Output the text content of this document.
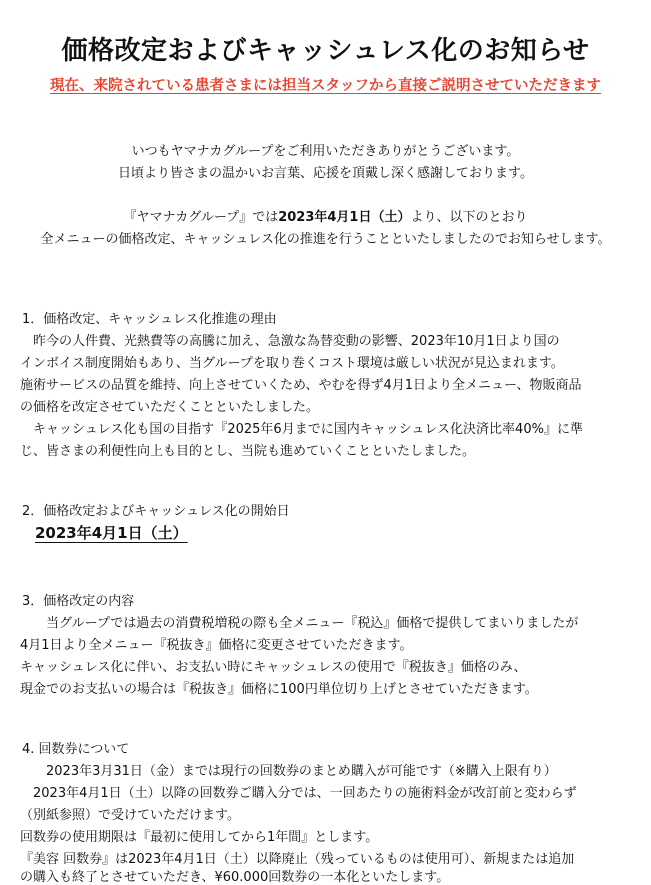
価格改定およびキャッシュレス化のお知らせ
現在、来院されている患者さまには担当スタッフから直接ご説明させていただきます
いつもヤマナカグループをご利用いただきありがとうございます。
日頃より皆さまの温かいお言葉、応援を頂戴し深く感謝しております。
『ヤマナカグループ』では2023年4月1日（土）より、以下のとおり
全メニューの価格改定、キャッシュレス化の推進を行うことといたしましたのでお知らせします。
1．価格改定、キャッシュレス化推進の理由
　昨今の人件費、光熱費等の高騰に加え、急激な為替変動の影響、2023年10月1日より国の
インボイス制度開始もあり、当グループを取り巻くコスト環境は厳しい状況が見込まれます。
施術サービスの品質を維持、向上させていくため、やむを得ず4月1日より全メニュー、物販商品
の価格を改定させていただくことといたしました。
　キャッシュレス化も国の目指す『2025年6月までに国内キャッシュレス化決済比率40%』に準
じ、皆さまの利便性向上も目的とし、当院も進めていくことといたしました。
2．価格改定およびキャッシュレス化の開始日
2023年4月1日（土）
3．価格改定の内容
　　当グループでは過去の消費税増税の際も全メニュー『税込』価格で提供してまいりましたが
4月1日より全メニュー『税抜き』価格に変更させていただきます。
キャッシュレス化に伴い、お支払い時にキャッシュレスの使用で『税抜き』価格のみ、
現金でのお支払いの場合は『税抜き』価格に100円単位切り上げとさせていただきます。
4. 回数券について
　　2023年3月31日（金）までは現行の回数券のまとめ購入が可能です（※購入上限有り）
　2023年4月1日（土）以降の回数券ご購入分では、一回あたりの施術料金が改訂前と変わらず
（別紙参照）で受けていただけます。
回数券の使用期限は『最初に使用してから1年間』とします。
『美容 回数券』は2023年4月1日（土）以降廃止（残っているものは使用可）、新規または追加
の購入も終了とさせていただき、¥60.000回数券の一本化といたします。
